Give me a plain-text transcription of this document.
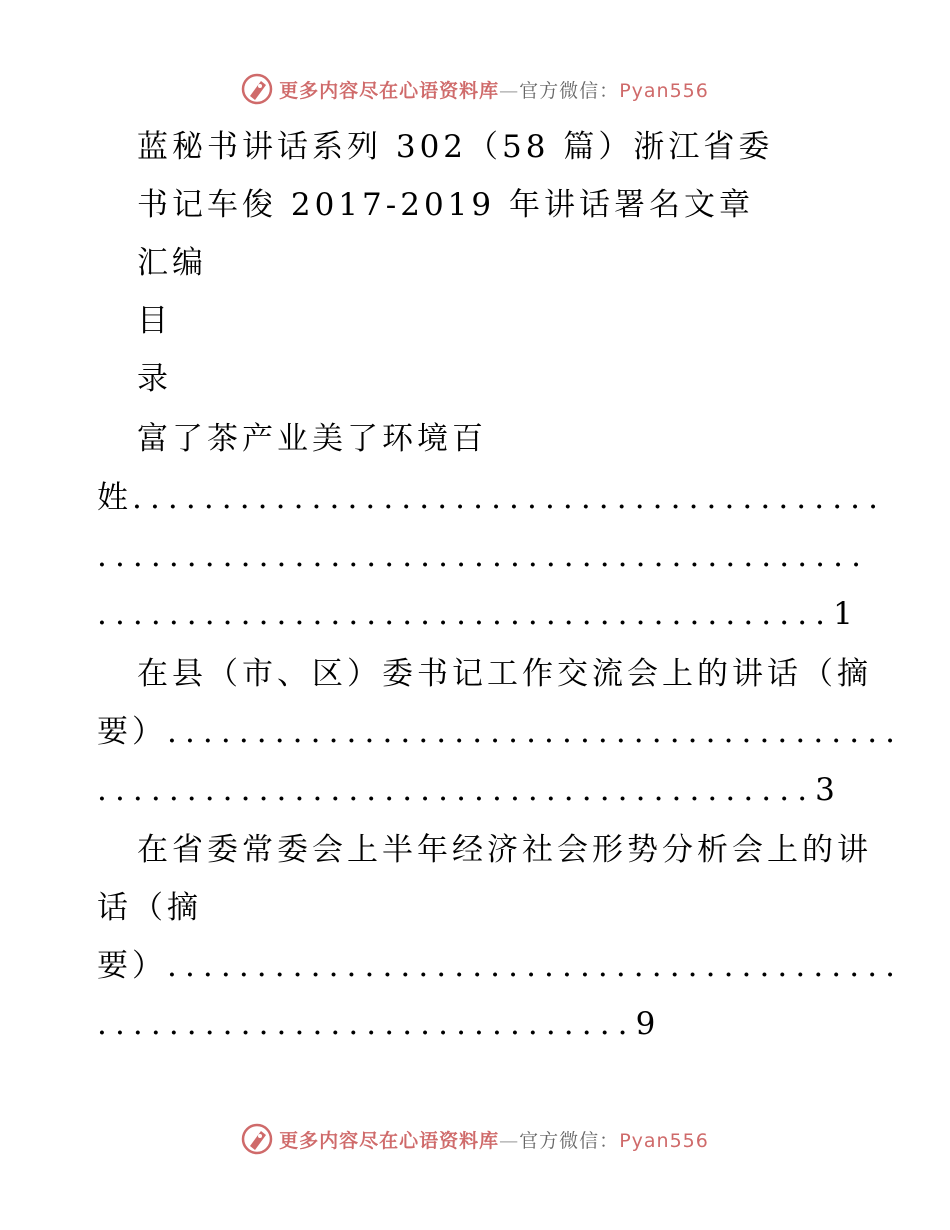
更多内容尽在心语资料库—官方微信：Pyan556
蓝秘书讲话系列 302（58 篇）浙江省委
书记车俊 2017-2019 年讲话署名文章
汇编
目
录
富了茶产业美了环境百
姓..........................................
...........................................
.........................................1
在县（市、区）委书记工作交流会上的讲话（摘
要）.........................................
........................................3
在省委常委会上半年经济社会形势分析会上的讲
话（摘
要）.........................................
..............................9
更多内容尽在心语资料库—官方微信：Pyan556
